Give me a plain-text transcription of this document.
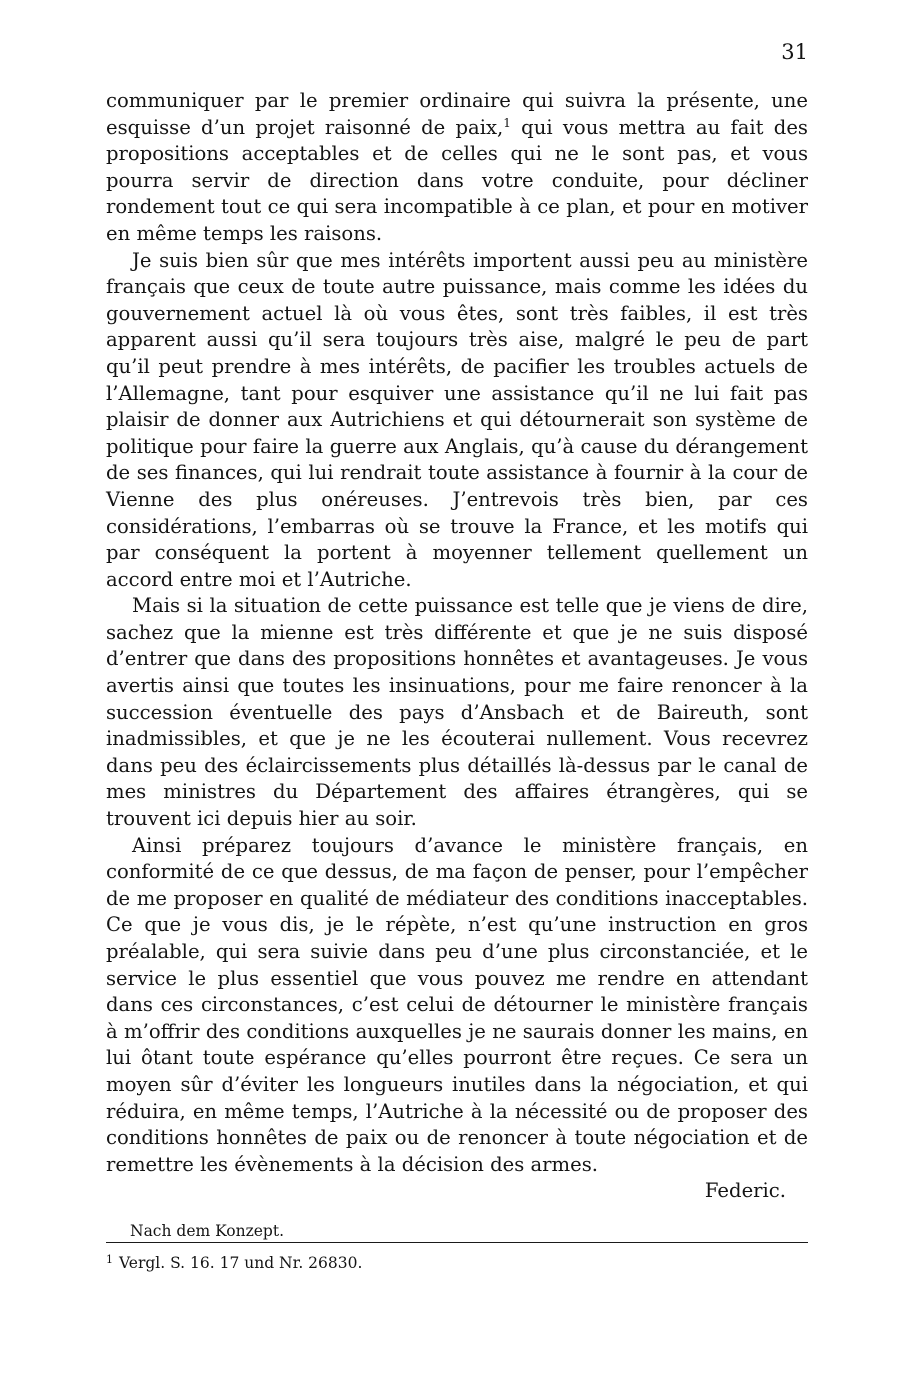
31

communiquer par le premier ordinaire qui suivra la présente, une esquisse d’un projet raisonné de paix,$^1$ qui vous mettra au fait des propositions acceptables et de celles qui ne le sont pas, et vous pourra servir de direction dans votre conduite, pour décliner rondement tout ce qui sera incompatible à ce plan, et pour en motiver en même temps les raisons.

Je suis bien sûr que mes intérêts importent aussi peu au ministère français que ceux de toute autre puissance, mais comme les idées du gouvernement actuel là où vous êtes, sont très faibles, il est très apparent aussi qu’il sera toujours très aise, malgré le peu de part qu’il peut prendre à mes intérêts, de pacifier les troubles actuels de l’Allemagne, tant pour esquiver une assistance qu’il ne lui fait pas plaisir de donner aux Autrichiens et qui détournerait son système de politique pour faire la guerre aux Anglais, qu’à cause du dérangement de ses finances, qui lui rendrait toute assistance à fournir à la cour de Vienne des plus onéreuses. J’entrevois très bien, par ces considérations, l’embarras où se trouve la France, et les motifs qui par conséquent la portent à moyenner tellement quellement un accord entre moi et l’Autriche.

Mais si la situation de cette puissance est telle que je viens de dire, sachez que la mienne est très différente et que je ne suis disposé d’entrer que dans des propositions honnêtes et avantageuses. Je vous avertis ainsi que toutes les insinuations, pour me faire renoncer à la succession éventuelle des pays d’Ansbach et de Baireuth, sont inadmissibles, et que je ne les écouterai nullement. Vous recevrez dans peu des éclaircissements plus détaillés là-dessus par le canal de mes ministres du Département des affaires étrangères, qui se trouvent ici depuis hier au soir.

Ainsi préparez toujours d’avance le ministère français, en conformité de ce que dessus, de ma façon de penser, pour l’empêcher de me proposer en qualité de médiateur des conditions inacceptables. Ce que je vous dis, je le répète, n’est qu’une instruction en gros préalable, qui sera suivie dans peu d’une plus circonstanciée, et le service le plus essentiel que vous pouvez me rendre en attendant dans ces circonstances, c’est celui de détourner le ministère français à m’offrir des conditions auxquelles je ne saurais donner les mains, en lui ôtant toute espérance qu’elles pourront être reçues. Ce sera un moyen sûr d’éviter les longueurs inutiles dans la négociation, et qui réduira, en même temps, l’Autriche à la nécessité ou de proposer des conditions honnêtes de paix ou de renoncer à toute négociation et de remettre les évènements à la décision des armes.

Federic.

Nach dem Konzept.
$^1$ Vergl. S. 16. 17 und Nr. 26830.
